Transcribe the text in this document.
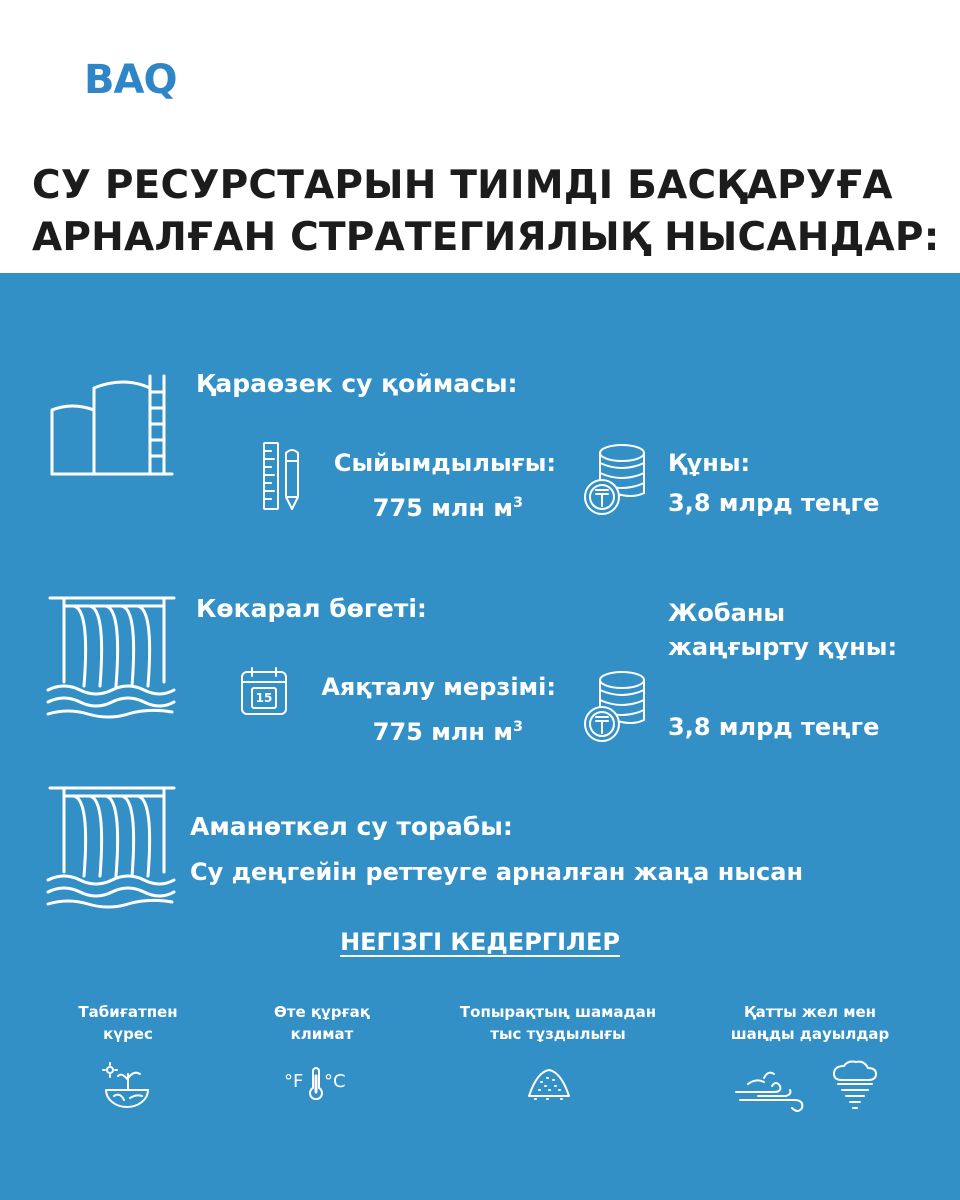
BAQ
СУ РЕСУРСТАРЫН ТИІМДІ БАСҚАРУҒА
АРНАЛҒАН СТРАТЕГИЯЛЫҚ НЫСАНДАР:
Қараөзек су қоймасы:
Сыйымдылығы:
775 млн $м^3$
Құны:
3,8 млрд теңге
Көкарал бөгеті:
15	Аяқталу мерзімі:
775 млн $м^3$
Жобаны
жаңғырту құны:
3,8 млрд теңге
Аманөткел су торабы:
Су деңгейін реттеуге арналған жаңа нысан
НЕГІЗГІ КЕДЕРГІЛЕР
Табиғатпен
күрес
Өте құрғақ
климат
Топырақтың шамадан
тыс тұздылығы
Қатты жел мен
шаңды дауылдар
°F °C
